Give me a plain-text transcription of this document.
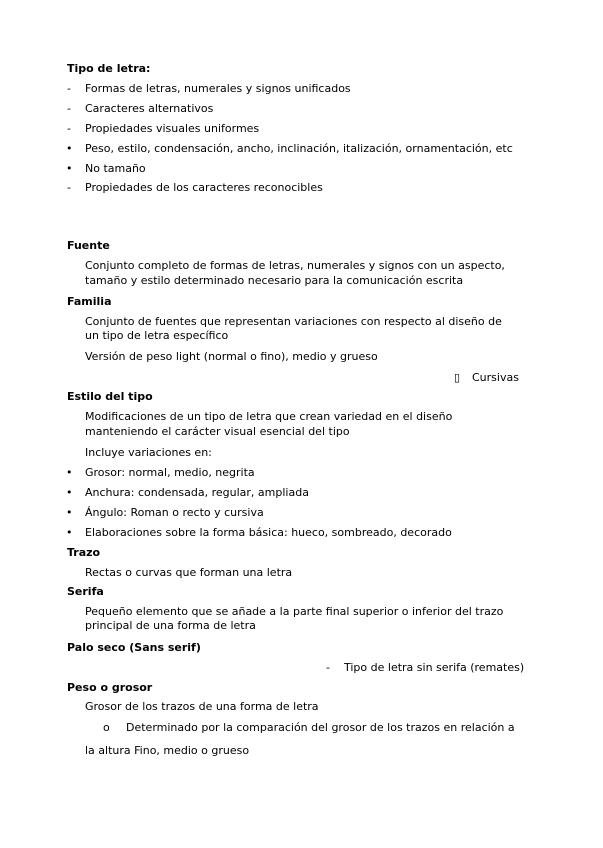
Tipo de letra:
- Formas de letras, numerales y signos unificados
- Caracteres alternativos
- Propiedades visuales uniformes
• Peso, estilo, condensación, ancho, inclinación, italización, ornamentación, etc
• No tamaño
- Propiedades de los caracteres reconocibles
Fuente
Conjunto completo de formas de letras, numerales y signos con un aspecto,
tamaño y estilo determinado necesario para la comunicación escrita
Familia
Conjunto de fuentes que representan variaciones con respecto al diseño de
un tipo de letra específico
Versión de peso light (normal o fino), medio y grueso
▯ Cursivas
Estilo del tipo
Modificaciones de un tipo de letra que crean variedad en el diseño
manteniendo el carácter visual esencial del tipo
Incluye variaciones en:
• Grosor: normal, medio, negrita
• Anchura: condensada, regular, ampliada
• Ángulo: Roman o recto y cursiva
• Elaboraciones sobre la forma básica: hueco, sombreado, decorado
Trazo
Rectas o curvas que forman una letra
Serifa
Pequeño elemento que se añade a la parte final superior o inferior del trazo
principal de una forma de letra
Palo seco (Sans serif)
- Tipo de letra sin serifa (remates)
Peso o grosor
Grosor de los trazos de una forma de letra
o Determinado por la comparación del grosor de los trazos en relación a
la altura Fino, medio o grueso
